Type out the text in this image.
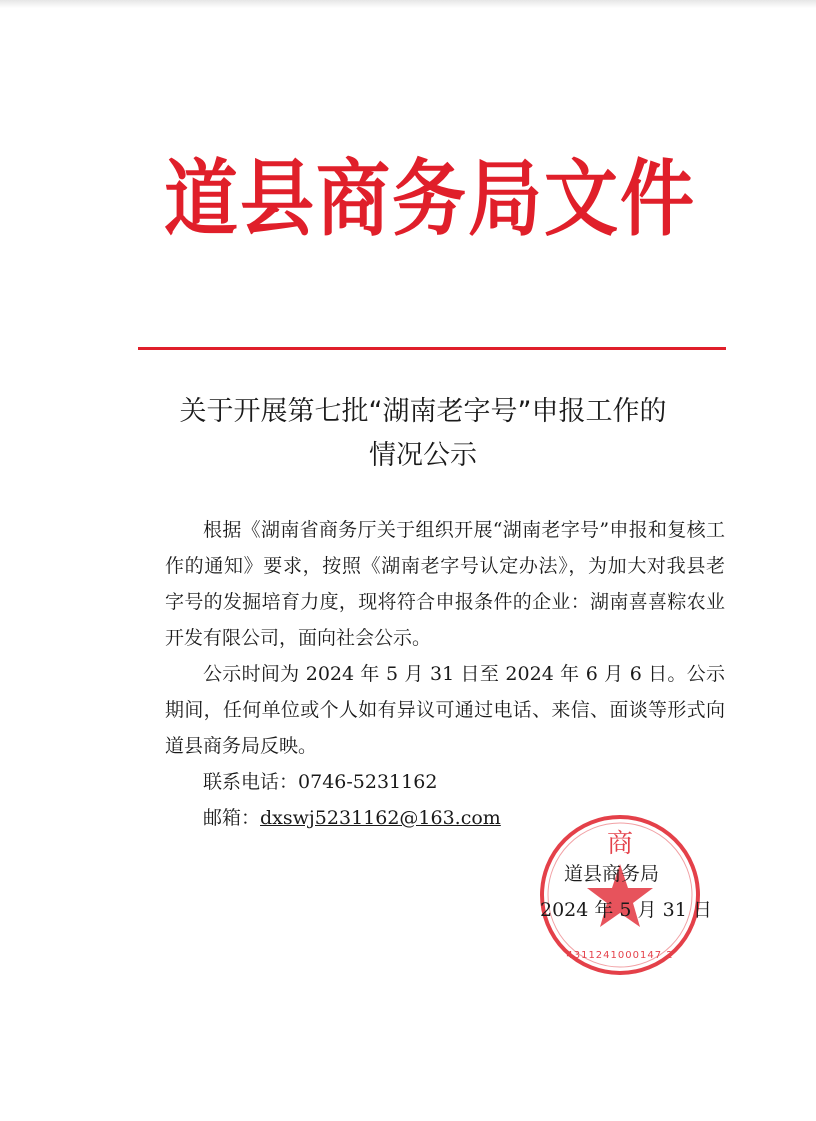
道县商务局文件
关于开展第七批“湖南老字号”申报工作的
情况公示

根据《湖南省商务厅关于组织开展“湖南老字号”申报和复核工作的通知》要求，按照《湖南老字号认定办法》，为加大对我县老字号的发掘培育力度，现将符合申报条件的企业：湖南喜喜粽农业开发有限公司，面向社会公示。

公示时间为 2024 年 5 月 31 日至 2024 年 6 月 6 日。公示期间，任何单位或个人如有异议可通过电话、来信、面谈等形式向道县商务局反映。

联系电话：0746-5231162

邮箱：dxswj5231162@163.com

商
4311241000147 2
道县商务局
2024 年 5 月 31 日
